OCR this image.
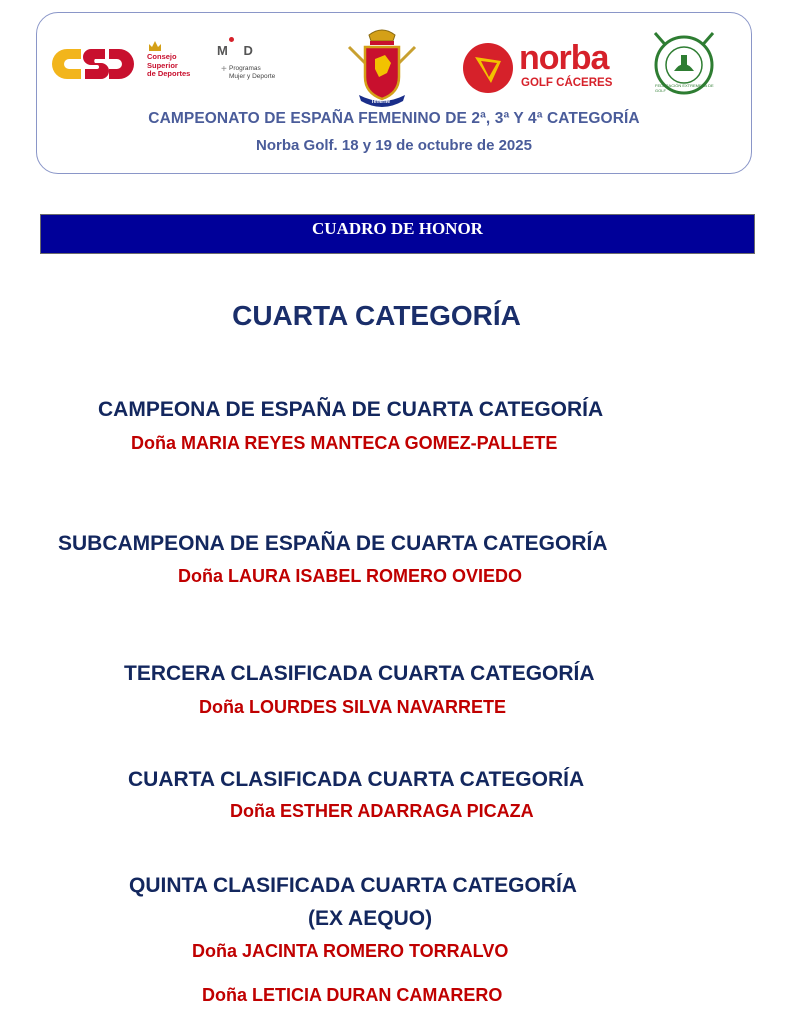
Consejo
Superior
de Deportes
M D
+ Programas
Mujer y Deporte
Tenerife
norba
GOLF CÁCERES	FEDERACIÓN EXTREMEÑA DE GOLF
CAMPEONATO DE ESPAÑA FEMENINO DE 2ª, 3ª Y 4ª CATEGORÍA
Norba Golf. 18 y 19 de octubre de 2025
CUADRO DE HONOR
CUARTA CATEGORÍA
CAMPEONA DE ESPAÑA DE CUARTA CATEGORÍA
Doña MARIA REYES MANTECA GOMEZ-PALLETE
SUBCAMPEONA DE ESPAÑA DE CUARTA CATEGORÍA
Doña LAURA ISABEL ROMERO OVIEDO
TERCERA CLASIFICADA CUARTA CATEGORÍA
Doña LOURDES SILVA NAVARRETE
CUARTA CLASIFICADA CUARTA CATEGORÍA
Doña ESTHER ADARRAGA PICAZA
QUINTA CLASIFICADA CUARTA CATEGORÍA
(EX AEQUO)
Doña JACINTA ROMERO TORRALVO
Doña LETICIA DURAN CAMARERO
